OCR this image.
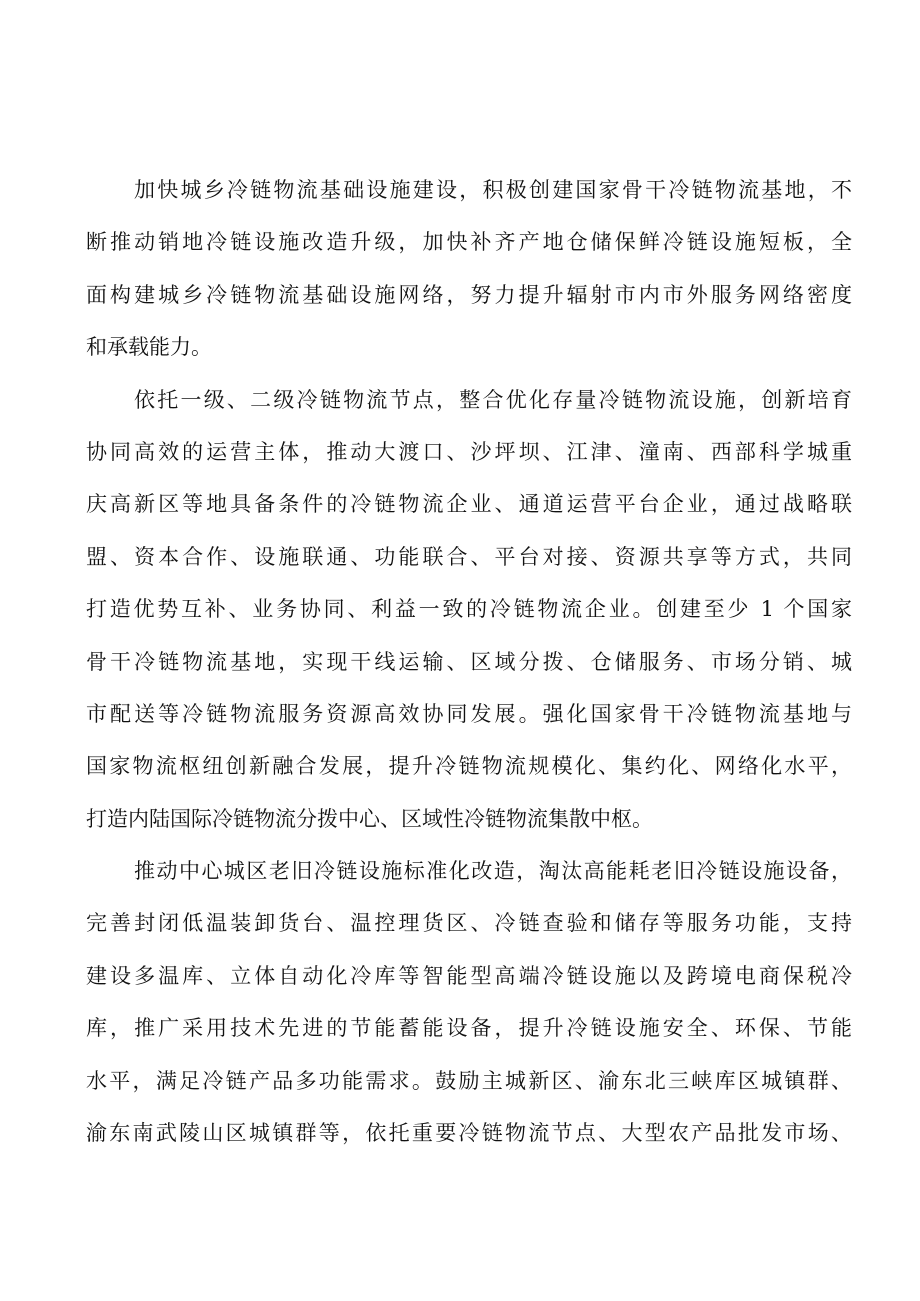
加快城乡冷链物流基础设施建设，积极创建国家骨干冷链物流基地，不
断推动销地冷链设施改造升级，加快补齐产地仓储保鲜冷链设施短板，全
面构建城乡冷链物流基础设施网络，努力提升辐射市内市外服务网络密度
和承载能力。
依托一级、二级冷链物流节点，整合优化存量冷链物流设施，创新培育
协同高效的运营主体，推动大渡口、沙坪坝、江津、潼南、西部科学城重
庆高新区等地具备条件的冷链物流企业、通道运营平台企业，通过战略联
盟、资本合作、设施联通、功能联合、平台对接、资源共享等方式，共同
打造优势互补、业务协同、利益一致的冷链物流企业。创建至少 1 个国家
骨干冷链物流基地，实现干线运输、区域分拨、仓储服务、市场分销、城
市配送等冷链物流服务资源高效协同发展。强化国家骨干冷链物流基地与
国家物流枢纽创新融合发展，提升冷链物流规模化、集约化、网络化水平，
打造内陆国际冷链物流分拨中心、区域性冷链物流集散中枢。
推动中心城区老旧冷链设施标准化改造，淘汰高能耗老旧冷链设施设备，
完善封闭低温装卸货台、温控理货区、冷链查验和储存等服务功能，支持
建设多温库、立体自动化冷库等智能型高端冷链设施以及跨境电商保税冷
库，推广采用技术先进的节能蓄能设备，提升冷链设施安全、环保、节能
水平，满足冷链产品多功能需求。鼓励主城新区、渝东北三峡库区城镇群、
渝东南武陵山区城镇群等，依托重要冷链物流节点、大型农产品批发市场、
